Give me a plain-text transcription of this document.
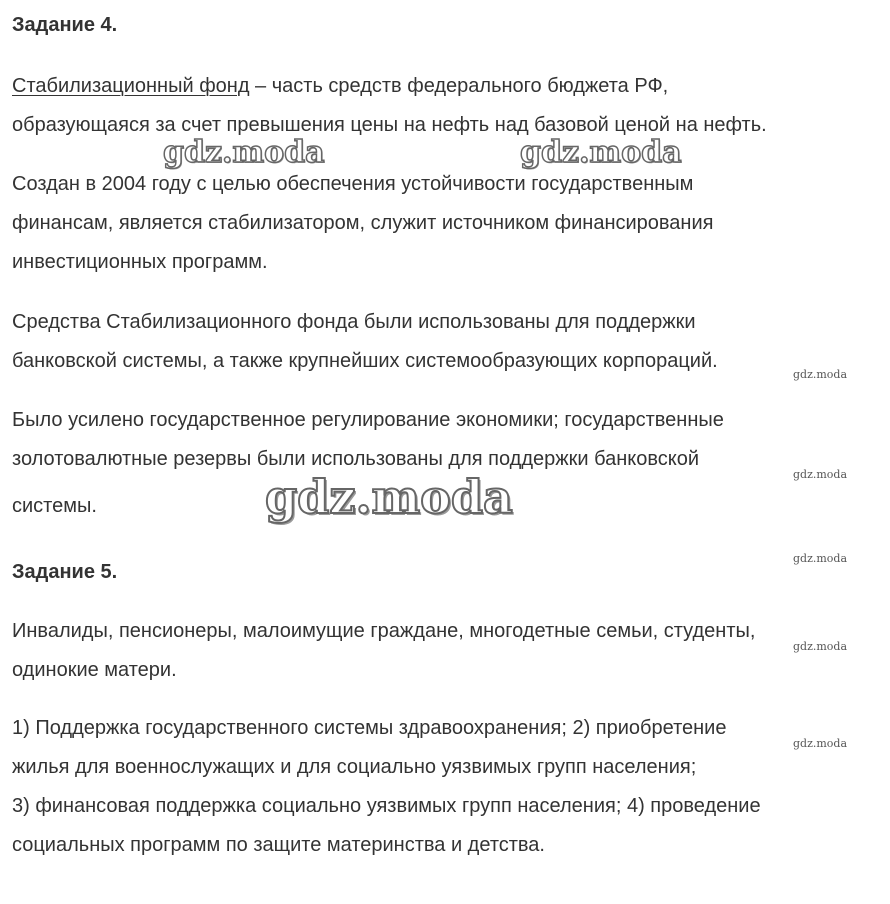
Задание 4.
Стабилизационный фонд – часть средств федерального бюджета РФ,
образующаяся за счет превышения цены на нефть над базовой ценой на нефть.
Создан в 2004 году с целью обеспечения устойчивости государственным
финансам, является стабилизатором, служит источником финансирования
инвестиционных программ.
Средства Стабилизационного фонда были использованы для поддержки
банковской системы, а также крупнейших системообразующих корпораций.
Было усилено государственное регулирование экономики; государственные
золотовалютные резервы были использованы для поддержки банковской
системы.
Задание 5.
Инвалиды, пенсионеры, малоимущие граждане, многодетные семьи, студенты,
одинокие матери.
1) Поддержка государственного системы здравоохранения; 2) приобретение
жилья для военнослужащих и для социально уязвимых групп населения;
3) финансовая поддержка социально уязвимых групп населения; 4) проведение
социальных программ по защите материнства и детства.
gdz.moda	gdz.moda
gdz.moda
gdz.moda
gdz.moda
gdz.moda
gdz.moda
gdz.moda
